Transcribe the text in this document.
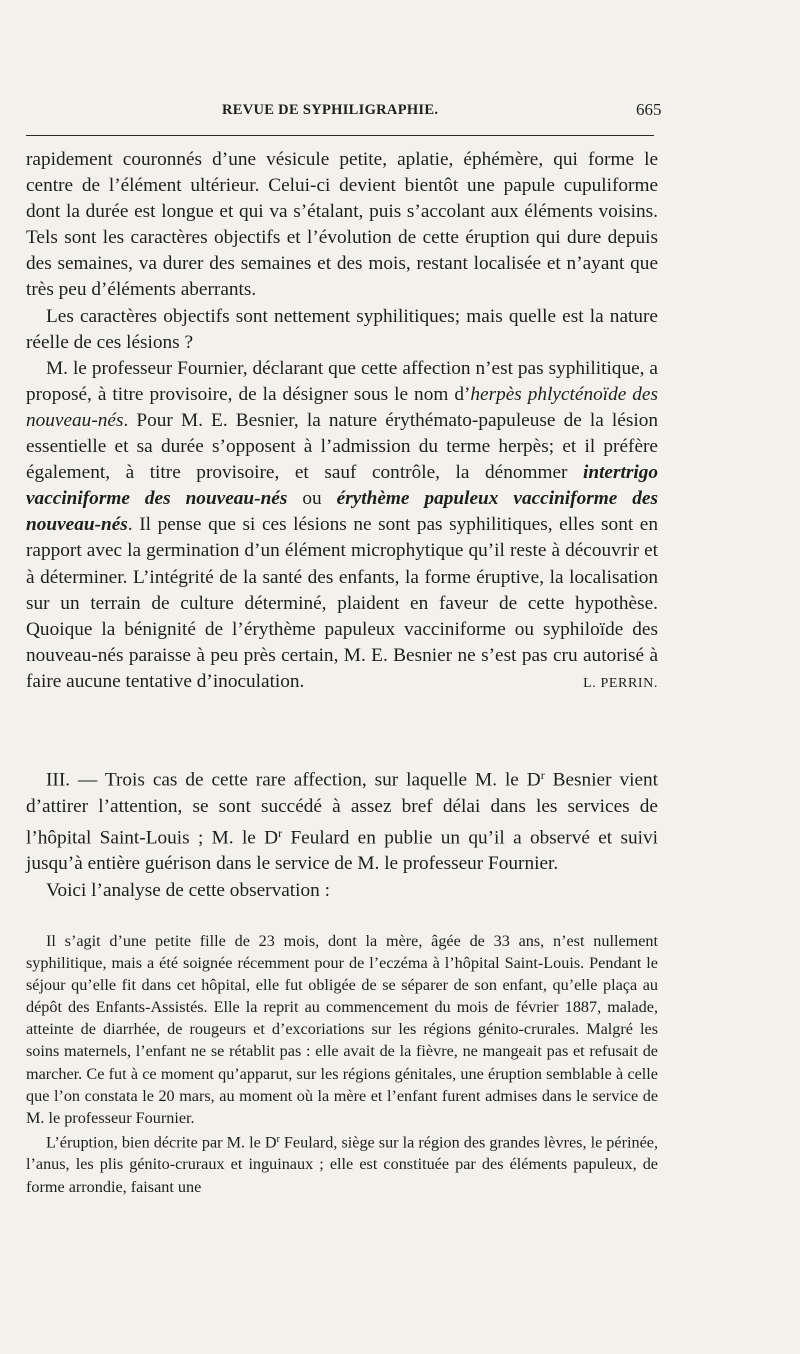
REVUE DE SYPHILIGRAPHIE.	665

rapidement couronnés d’une vésicule petite, aplatie, éphémère, qui forme le centre de l’élément ultérieur. Celui-ci devient bientôt une papule cupuliforme dont la durée est longue et qui va s’étalant, puis s’accolant aux éléments voisins. Tels sont les caractères objectifs et l’évolution de cette éruption qui dure depuis des semaines, va durer des semaines et des mois, restant localisée et n’ayant que très peu d’éléments aberrants.

Les caractères objectifs sont nettement syphilitiques; mais quelle est la nature réelle de ces lésions ?

M. le professeur Fournier, déclarant que cette affection n’est pas syphilitique, a proposé, à titre provisoire, de la désigner sous le nom d’herpès phlycténoïde des nouveau-nés. Pour M. E. Besnier, la nature érythémato-papuleuse de la lésion essentielle et sa durée s’opposent à l’admission du terme herpès; et il préfère également, à titre provisoire, et sauf contrôle, la dénommer intertrigo vacciniforme des nouveau-nés ou érythème papuleux vacciniforme des nouveau-nés. Il pense que si ces lésions ne sont pas syphilitiques, elles sont en rapport avec la germination d’un élément microphytique qu’il reste à découvrir et à déterminer. L’intégrité de la santé des enfants, la forme éruptive, la localisation sur un terrain de culture déterminé, plaident en faveur de cette hypothèse. Quoique la bénignité de l’érythème papuleux vacciniforme ou syphiloïde des nouveau-nés paraisse à peu près certain, M. E. Besnier ne s’est pas cru autorisé à faire aucune tentative d’inoculation.	L. PERRIN.

III. — Trois cas de cette rare affection, sur laquelle M. le $D^r$ Besnier vient d’attirer l’attention, se sont succédé à assez bref délai dans les services de l’hôpital Saint-Louis ; M. le $D^r$ Feulard en publie un qu’il a observé et suivi jusqu’à entière guérison dans le service de M. le professeur Fournier.

Voici l’analyse de cette observation :

Il s’agit d’une petite fille de 23 mois, dont la mère, âgée de 33 ans, n’est nullement syphilitique, mais a été soignée récemment pour de l’eczéma à l’hôpital Saint-Louis. Pendant le séjour qu’elle fit dans cet hôpital, elle fut obligée de se séparer de son enfant, qu’elle plaça au dépôt des Enfants-Assistés. Elle la reprit au commencement du mois de février 1887, malade, atteinte de diarrhée, de rougeurs et d’excoriations sur les régions génito-crurales. Malgré les soins maternels, l’enfant ne se rétablit pas : elle avait de la fièvre, ne mangeait pas et refusait de marcher. Ce fut à ce moment qu’apparut, sur les régions génitales, une éruption semblable à celle que l’on constata le 20 mars, au moment où la mère et l’enfant furent admises dans le service de M. le professeur Fournier.

L’éruption, bien décrite par M. le $D^r$ Feulard, siège sur la région des grandes lèvres, le périnée, l’anus, les plis génito-cruraux et inguinaux ; elle est constituée par des éléments papuleux, de forme arrondie, faisant une
